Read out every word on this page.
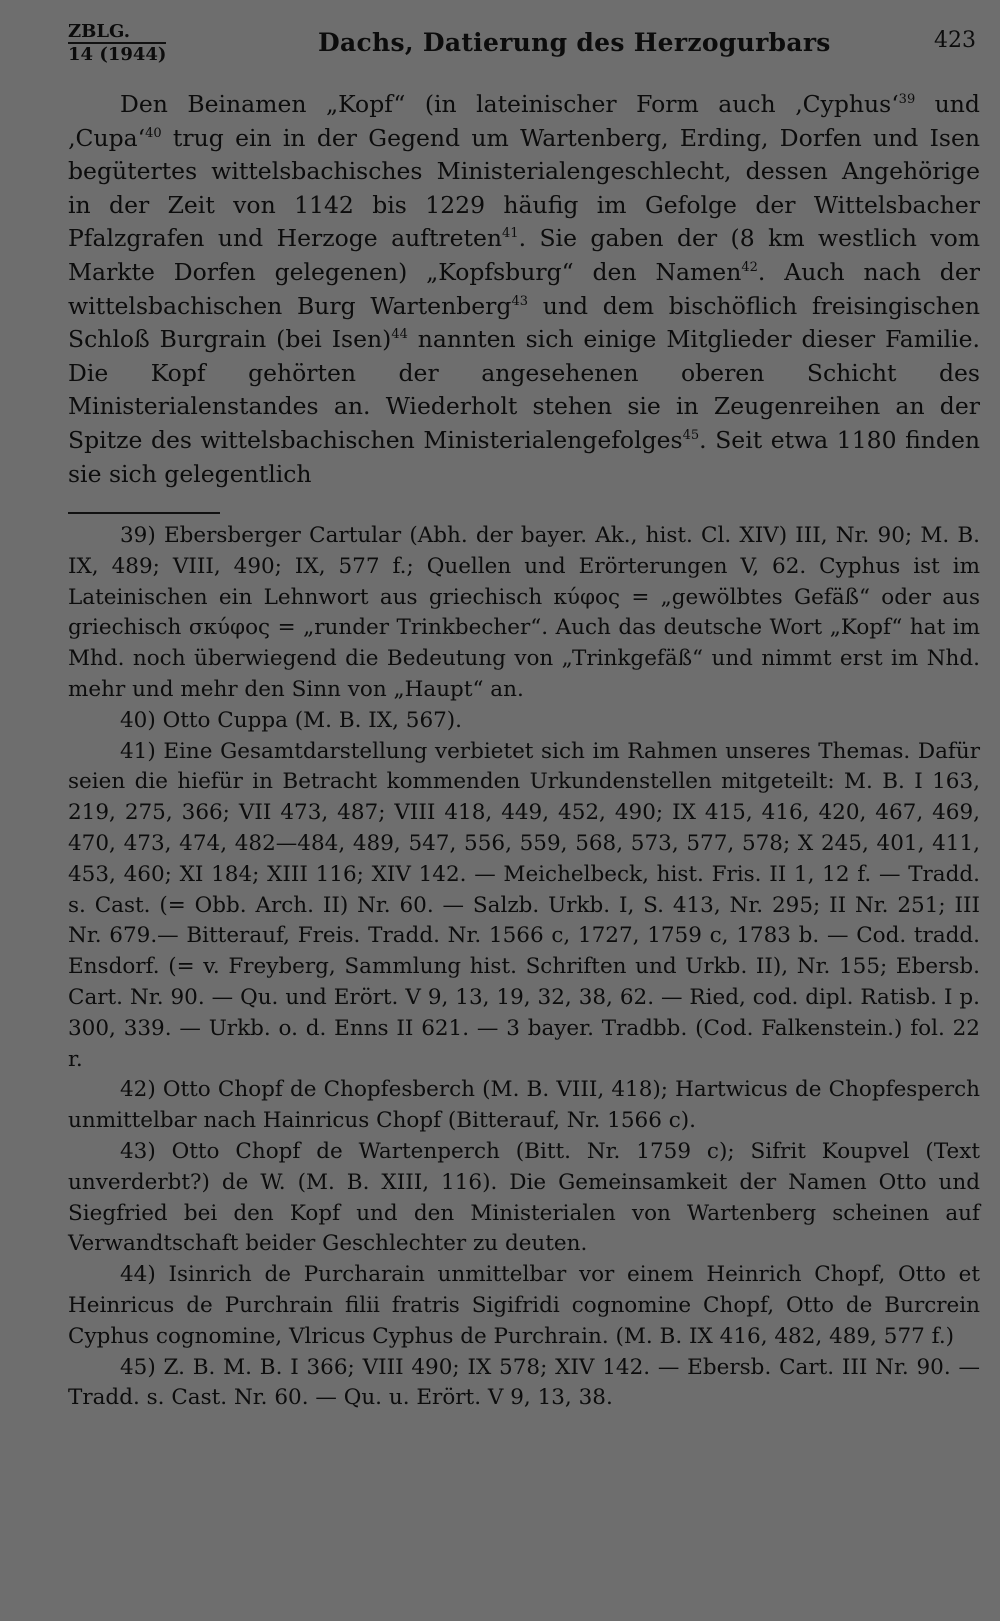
ZBLG.
14 (1944)	Dachs, Datierung des Herzogurbars	423

Den Beinamen „Kopf“ (in lateinischer Form auch ‚Cyphus‘$^{39}$ und ‚Cupa‘$^{40}$ trug ein in der Gegend um Wartenberg, Erding, Dorfen und Isen begütertes wittelsbachisches Ministerialengeschlecht, dessen Angehörige in der Zeit von 1142 bis 1229 häufig im Gefolge der Wittelsbacher Pfalzgrafen und Herzoge auftreten$^{41}$. Sie gaben der (8 km westlich vom Markte Dorfen gelegenen) „Kopfsburg“ den Namen$^{42}$. Auch nach der wittelsbachischen Burg Wartenberg$^{43}$ und dem bischöflich freisingischen Schloß Burgrain (bei Isen)$^{44}$ nannten sich einige Mitglieder dieser Familie. Die Kopf gehörten der angesehenen oberen Schicht des Ministerialenstandes an. Wiederholt stehen sie in Zeugenreihen an der Spitze des wittelsbachischen Ministerialengefolges$^{45}$. Seit etwa 1180 finden sie sich gelegentlich

39) Ebersberger Cartular (Abh. der bayer. Ak., hist. Cl. XIV) III, Nr. 90; M. B. IX, 489; VIII, 490; IX, 577 f.; Quellen und Erörterungen V, 62. Cyphus ist im Lateinischen ein Lehnwort aus griechisch κύφος = „gewölbtes Gefäß“ oder aus griechisch σκύφος = „runder Trinkbecher“. Auch das deutsche Wort „Kopf“ hat im Mhd. noch überwiegend die Bedeutung von „Trinkgefäß“ und nimmt erst im Nhd. mehr und mehr den Sinn von „Haupt“ an.

40) Otto Cuppa (M. B. IX, 567).

41) Eine Gesamtdarstellung verbietet sich im Rahmen unseres Themas. Dafür seien die hiefür in Betracht kommenden Urkundenstellen mitgeteilt: M. B. I 163, 219, 275, 366; VII 473, 487; VIII 418, 449, 452, 490; IX 415, 416, 420, 467, 469, 470, 473, 474, 482—484, 489, 547, 556, 559, 568, 573, 577, 578; X 245, 401, 411, 453, 460; XI 184; XIII 116; XIV 142. — Meichelbeck, hist. Fris. II 1, 12 f. — Tradd. s. Cast. (= Obb. Arch. II) Nr. 60. — Salzb. Urkb. I, S. 413, Nr. 295; II Nr. 251; III Nr. 679.— Bitterauf, Freis. Tradd. Nr. 1566 c, 1727, 1759 c, 1783 b. — Cod. tradd. Ensdorf. (= v. Freyberg, Sammlung hist. Schriften und Urkb. II), Nr. 155; Ebersb. Cart. Nr. 90. — Qu. und Erört. V 9, 13, 19, 32, 38, 62. — Ried, cod. dipl. Ratisb. I p. 300, 339. — Urkb. o. d. Enns II 621. — 3 bayer. Tradbb. (Cod. Falkenstein.) fol. 22 r.

42) Otto Chopf de Chopfesberch (M. B. VIII, 418); Hartwicus de Chopfesperch unmittelbar nach Hainricus Chopf (Bitterauf, Nr. 1566 c).

43) Otto Chopf de Wartenperch (Bitt. Nr. 1759 c); Sifrit Koupvel (Text unverderbt?) de W. (M. B. XIII, 116). Die Gemeinsamkeit der Namen Otto und Siegfried bei den Kopf und den Ministerialen von Wartenberg scheinen auf Verwandtschaft beider Geschlechter zu deuten.

44) Isinrich de Purcharain unmittelbar vor einem Heinrich Chopf, Otto et Heinricus de Purchrain filii fratris Sigifridi cognomine Chopf, Otto de Burcrein Cyphus cognomine, Vlricus Cyphus de Purchrain. (M. B. IX 416, 482, 489, 577 f.)

45) Z. B. M. B. I 366; VIII 490; IX 578; XIV 142. — Ebersb. Cart. III Nr. 90. — Tradd. s. Cast. Nr. 60. — Qu. u. Erört. V 9, 13, 38.
